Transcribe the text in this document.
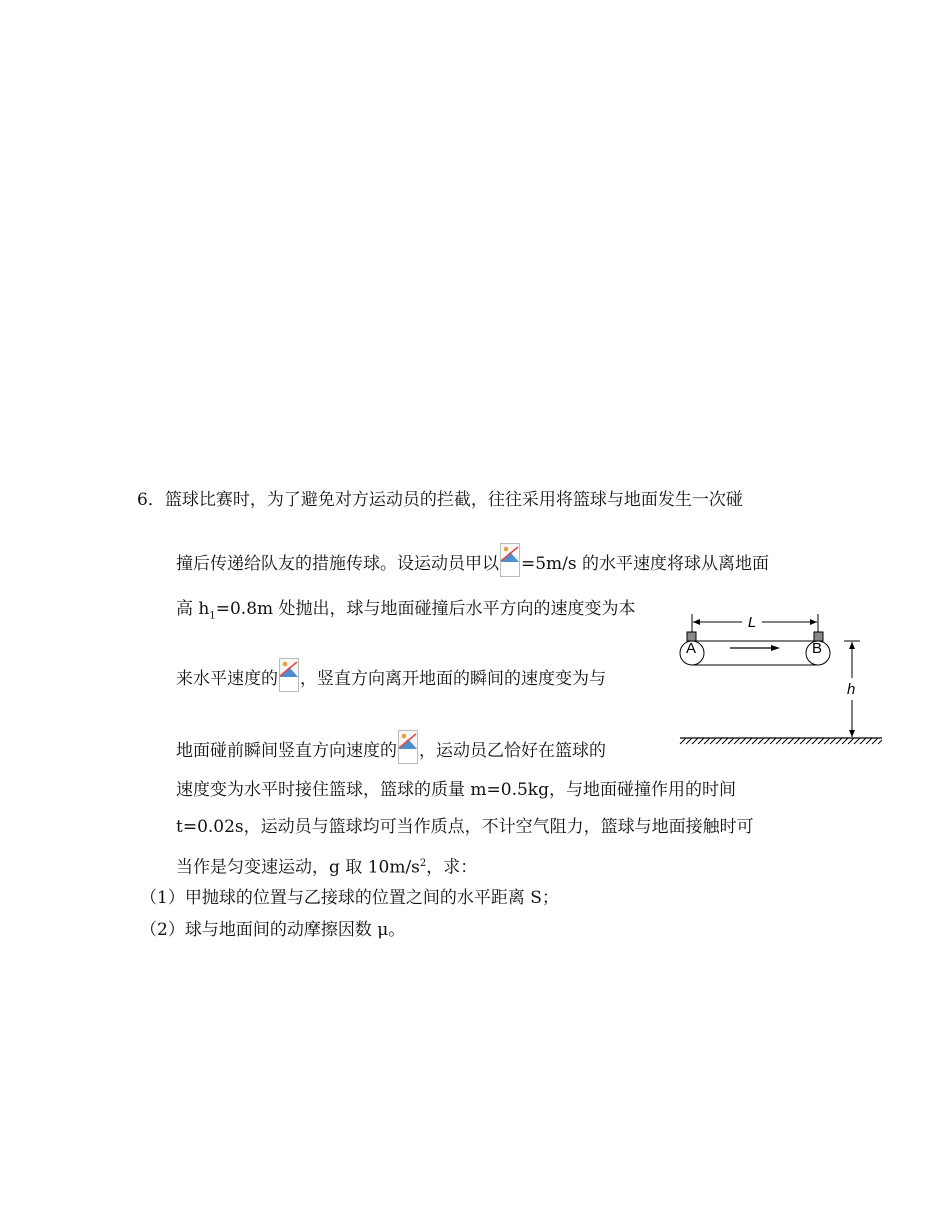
6．篮球比赛时，为了避免对方运动员的拦截，往往采用将篮球与地面发生一次碰
撞后传递给队友的措施传球。设运动员甲以 =5m/s 的水平速度将球从离地面
高 $h_1=0.8m$ 处抛出，球与地面碰撞后水平方向的速度变为本
来水平速度的 ，竖直方向离开地面的瞬间的速度变为与
地面碰前瞬间竖直方向速度的 ，运动员乙恰好在篮球的
速度变为水平时接住篮球，篮球的质量 m=0.5kg，与地面碰撞作用的时间
t=0.02s，运动员与篮球均可当作质点，不计空气阻力，篮球与地面接触时可
当作是匀变速运动，g 取 $10m/s^2$，求：
（1）甲抛球的位置与乙接球的位置之间的水平距离 S；
（2）球与地面间的动摩擦因数 μ。
L
A	B
h
